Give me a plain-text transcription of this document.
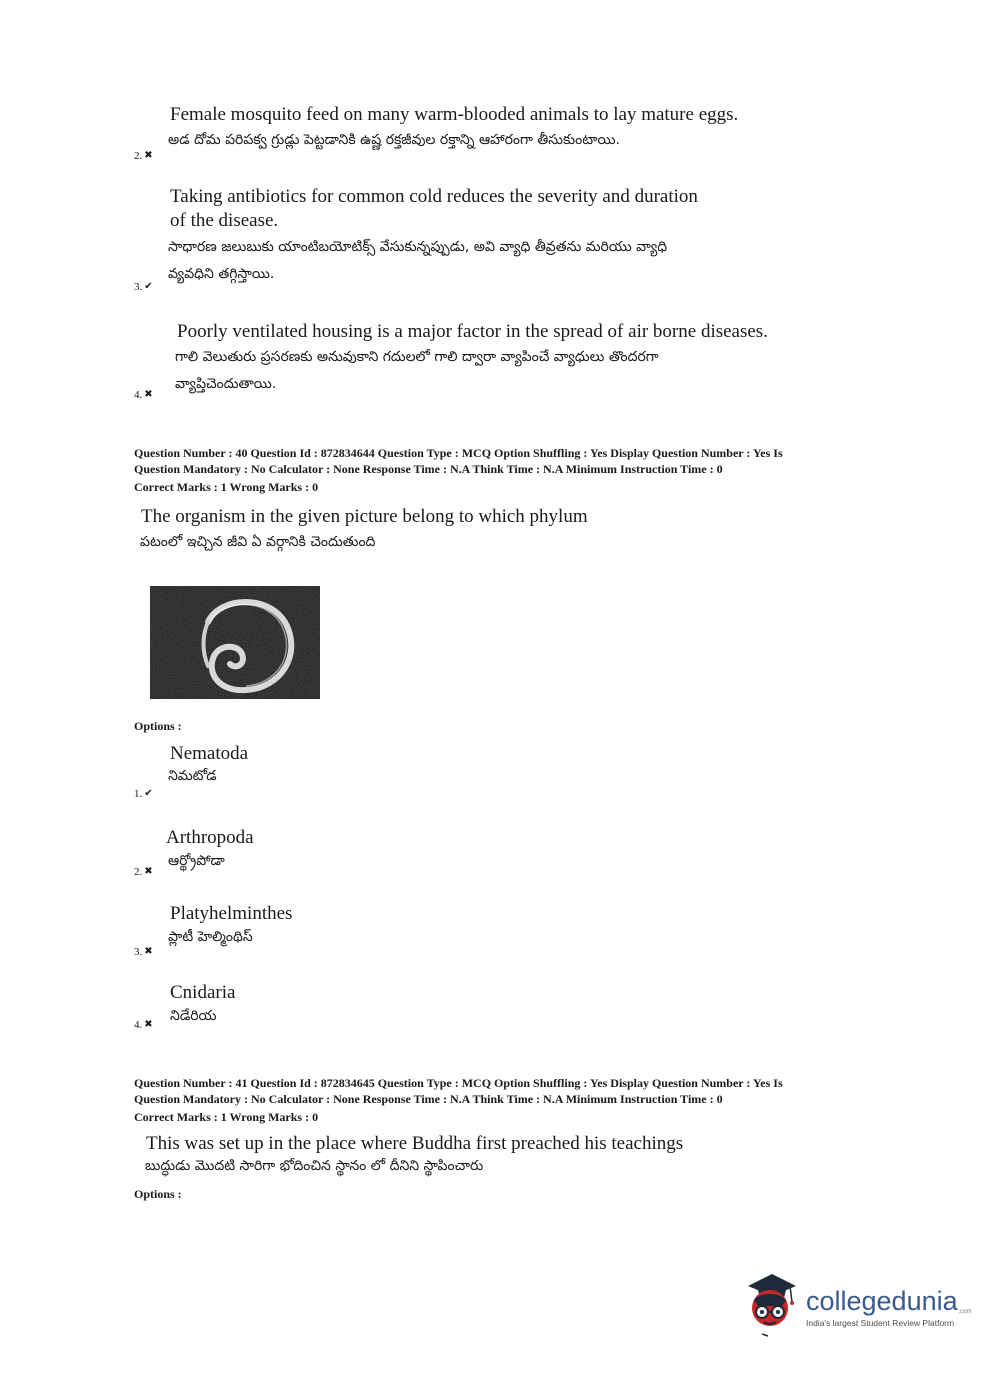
Female mosquito feed on many warm-blooded animals to lay mature eggs.
అడ దోమ పరిపక్వ గ్రుడ్లు పెట్టడానికి ఉష్ణ రక్తజీవుల రక్తాన్ని ఆహారంగా తీసుకుంటాయి.
2. ✖
Taking antibiotics for common cold reduces the severity and duration
of the disease.
సాధారణ జలుబుకు యాంటిబయోటిక్స్ వేసుకున్నప్పుడు, అవి వ్యాధి తీవ్రతను మరియు వ్యాధి
వ్యవధిని తగ్గిస్తాయి.
3. ✔
Poorly ventilated housing is a major factor in the spread of air borne diseases.
గాలి వెలుతురు ప్రసరణకు అనువుకాని గదులలో గాలి ద్వారా వ్యాపించే వ్యాధులు తొందరగా
వ్యాప్తిచెందుతాయి.
4. ✖
Question Number : 40 Question Id : 872834644 Question Type : MCQ Option Shuffling : Yes Display Question Number : Yes Is
Question Mandatory : No Calculator : None Response Time : N.A Think Time : N.A Minimum Instruction Time : 0
Correct Marks : 1 Wrong Marks : 0
The organism in the given picture belong to which phylum
పటంలో ఇచ్చిన జీవి ఏ వర్గానికి చెందుతుంది
Options :
Nematoda
నిమటోడ
1. ✔
Arthropoda
ఆర్థ్రోపోడా
2. ✖
Platyhelminthes
ప్లాటీ హెల్మింథిస్
3. ✖
Cnidaria
నిడేరియ
4. ✖
Question Number : 41 Question Id : 872834645 Question Type : MCQ Option Shuffling : Yes Display Question Number : Yes Is
Question Mandatory : No Calculator : None Response Time : N.A Think Time : N.A Minimum Instruction Time : 0
Correct Marks : 1 Wrong Marks : 0
This was set up in the place where Buddha first preached his teachings
బుద్ధుడు మొదటి సారిగా భోదించిన స్థానం లో దీనిని స్థాపించారు
Options :
collegedunia .com
India's largest Student Review Platform
